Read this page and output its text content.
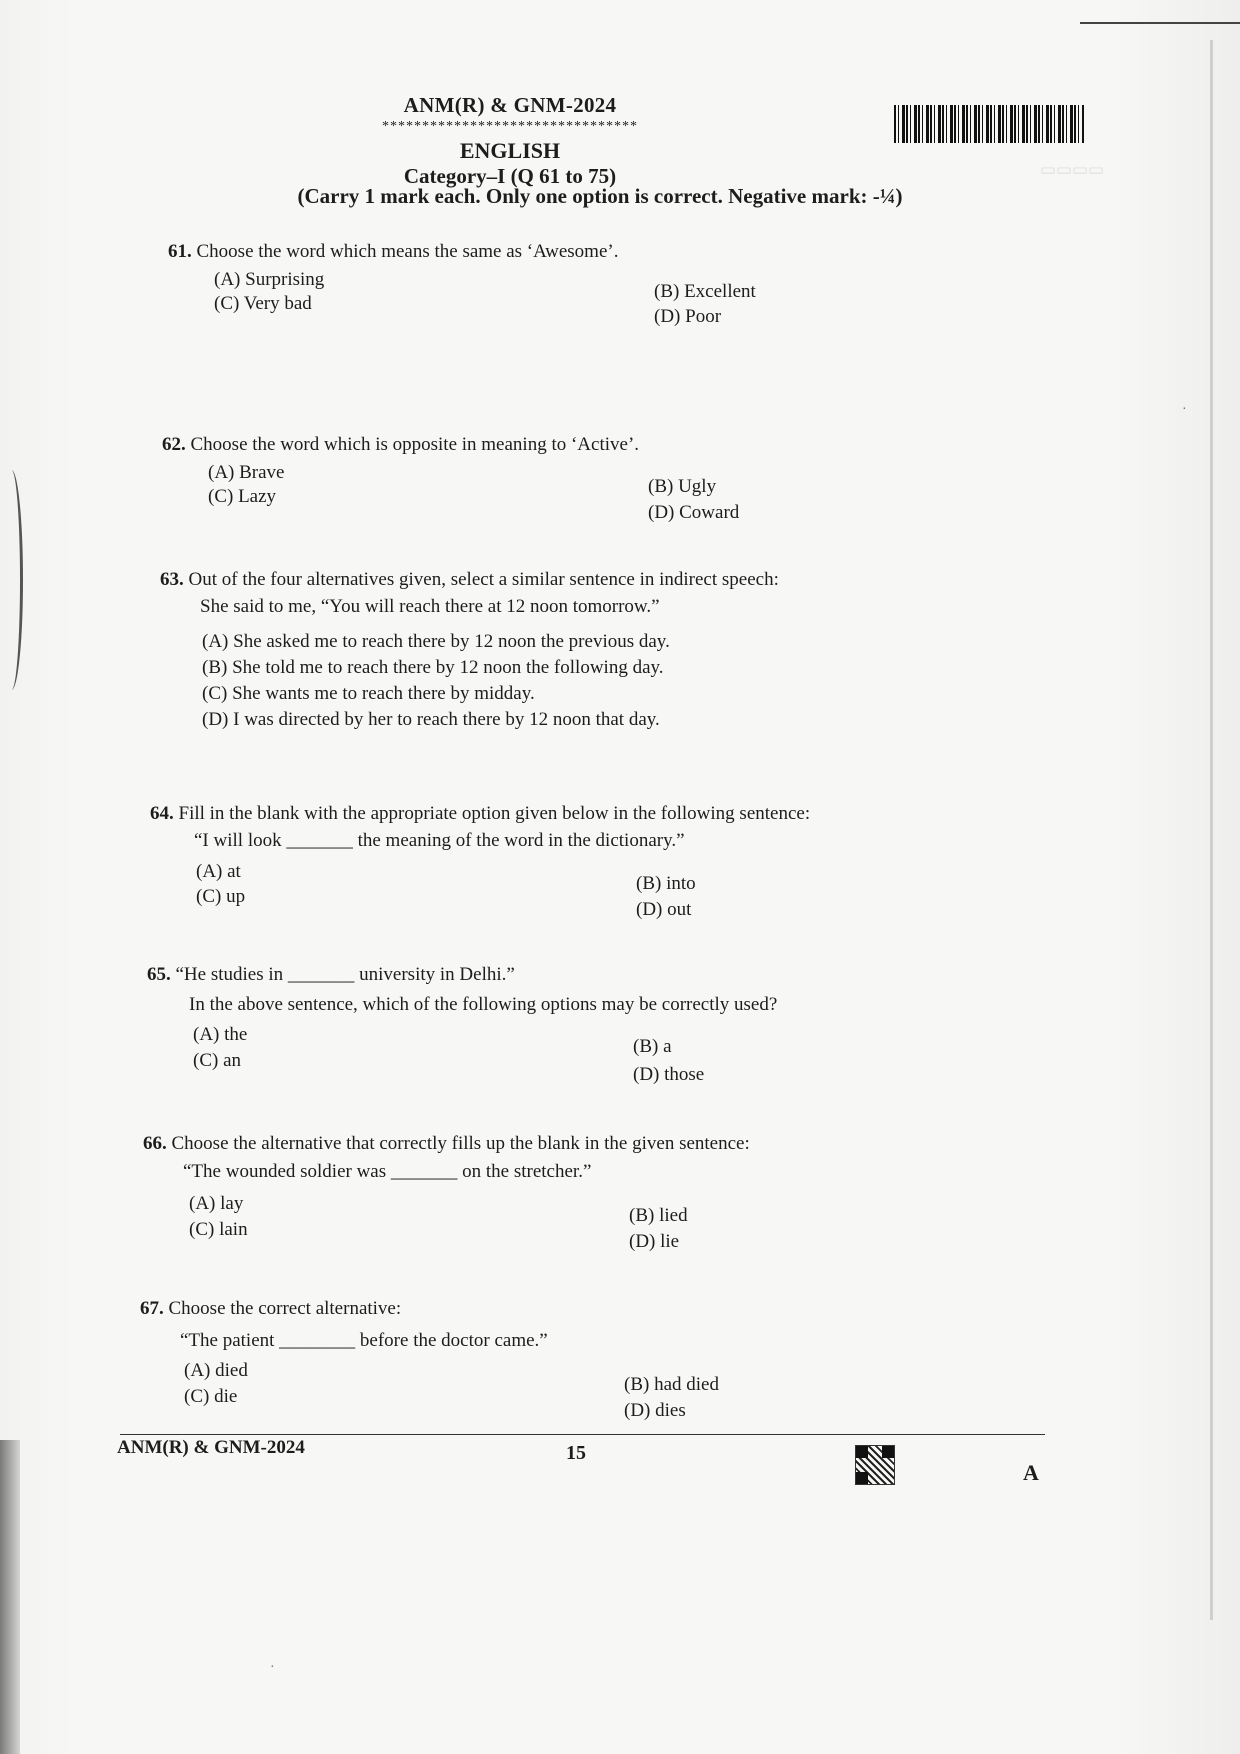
▭▭▭▭
ANM(R) & GNM-2024
********************************
ENGLISH
Category–I (Q 61 to 75)
(Carry 1 mark each. Only one option is correct. Negative mark: -¼)
61. Choose the word which means the same as ‘Awesome’.
(A) Surprising
(B) Excellent
(C) Very bad
(D) Poor
62. Choose the word which is opposite in meaning to ‘Active’.
(A) Brave
(B) Ugly
(C) Lazy
(D) Coward
63. Out of the four alternatives given, select a similar sentence in indirect speech:
She said to me, “You will reach there at 12 noon tomorrow.”
(A) She asked me to reach there by 12 noon the previous day.
(B) She told me to reach there by 12 noon the following day.
(C) She wants me to reach there by midday.
(D) I was directed by her to reach there by 12 noon that day.
64. Fill in the blank with the appropriate option given below in the following sentence:
“I will look _______ the meaning of the word in the dictionary.”
(A) at
(B) into
(C) up
(D) out
65. “He studies in _______ university in Delhi.”
In the above sentence, which of the following options may be correctly used?
(A) the
(B) a
(C) an
(D) those
66. Choose the alternative that correctly fills up the blank in the given sentence:
“The wounded soldier was _______ on the stretcher.”
(A) lay
(B) lied
(C) lain
(D) lie
67. Choose the correct alternative:
“The patient ________ before the doctor came.”
(A) died
(B) had died
(C) die
(D) dies
ANM(R) & GNM-2024	15
A
·
·
